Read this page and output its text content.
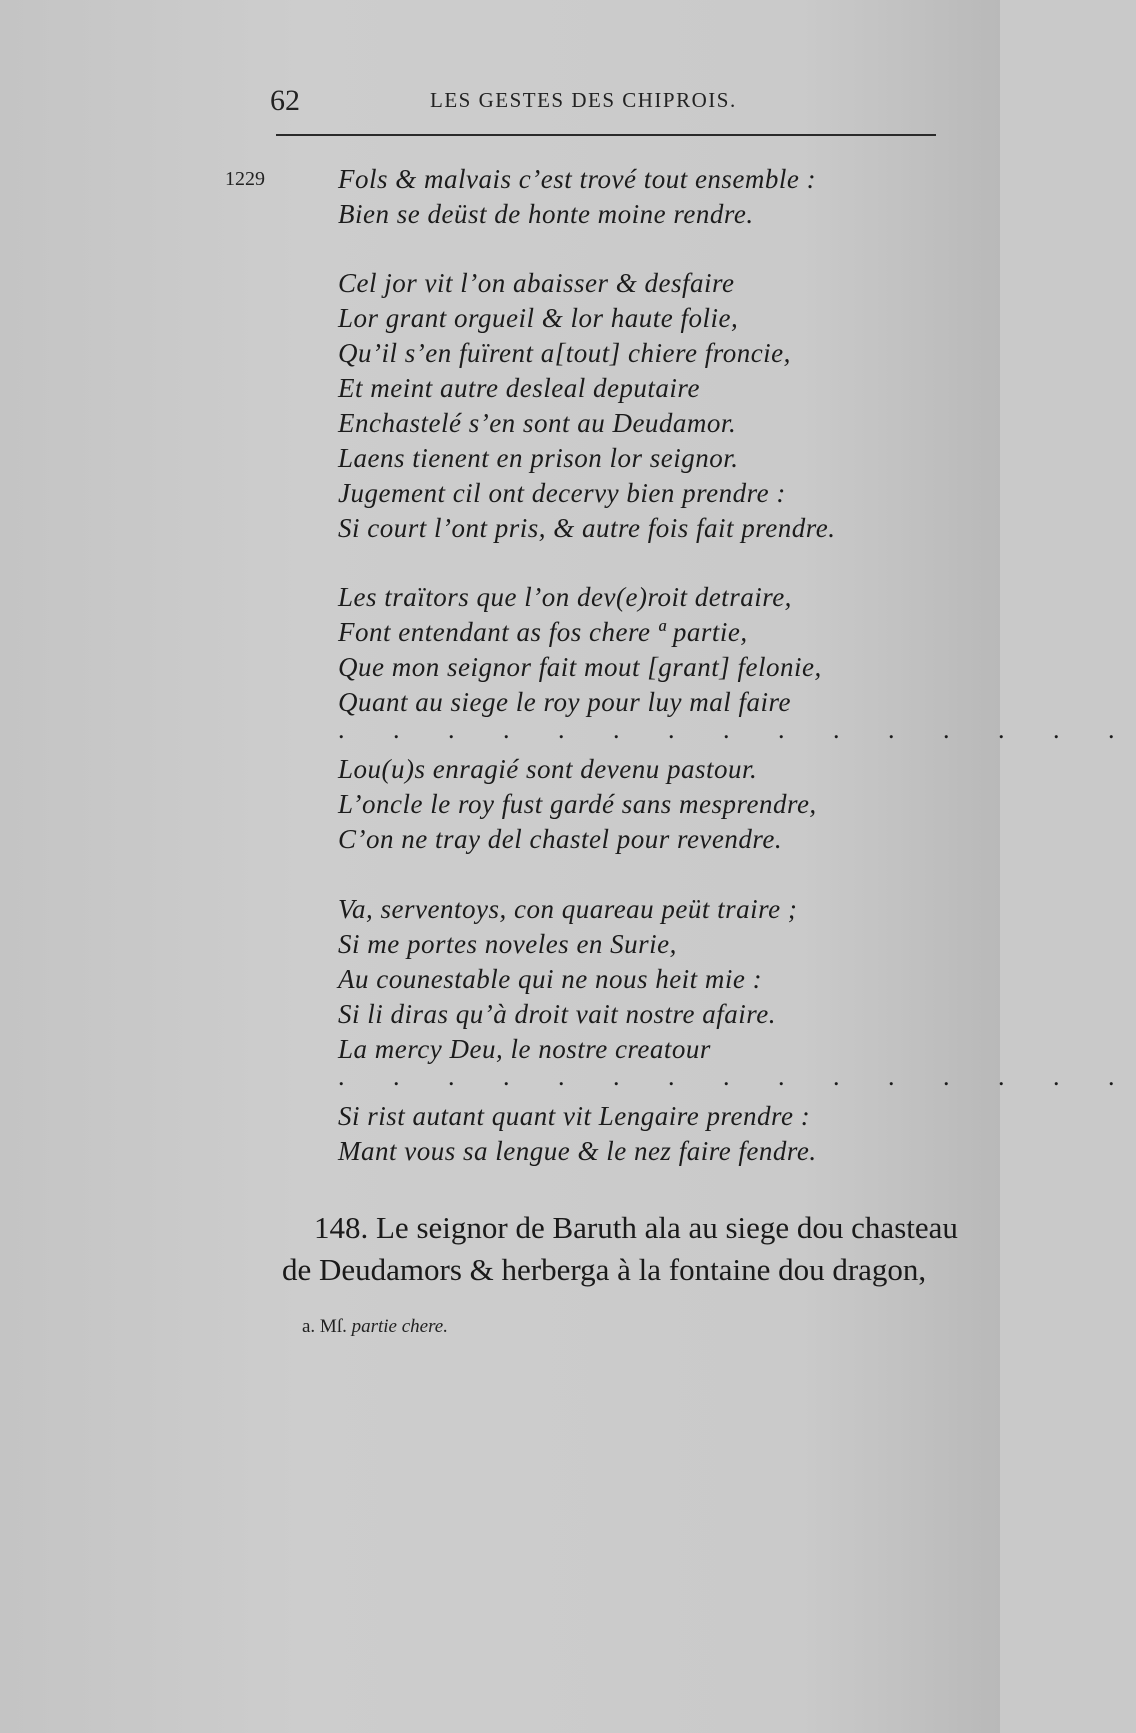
62	LES GESTES DES CHIPROIS.
1229	Fols & malvais c’est trové tout ensemble :
Bien se deüst de honte moine rendre.
Cel jor vit l’on abaisser & desfaire
Lor grant orgueil & lor haute folie,
Qu’il s’en fuïrent a[tout] chiere froncie,
Et meint autre desleal deputaire
Enchastelé s’en sont au Deudamor.
Laens tienent en prison lor seignor.
Jugement cil ont decervy bien prendre :
Si court l’ont pris, & autre fois fait prendre.
Les traïtors que l’on dev(e)roit detraire,
Font entendant as fos chere ª partie,
Que mon seignor fait mout [grant] felonie,
Quant au siege le roy pour luy mal faire
. . . . . . . . . . . . . . .
Lou(u)s enragié sont devenu pastour.
L’oncle le roy fust gardé sans mesprendre,
C’on ne tray del chastel pour revendre.
Va, serventoys, con quareau peüt traire ;
Si me portes noveles en Surie,
Au counestable qui ne nous heit mie :
Si li diras qu’à droit vait nostre afaire.
La mercy Deu, le nostre creatour
. . . . . . . . . . . . . . .
Si rist autant quant vit Lengaire prendre :
Mant vous sa lengue & le nez faire fendre.
148. Le seignor de Baruth ala au siege dou chasteau
de Deudamors & herberga à la fontaine dou dragon,
a. Mſ. partie chere.
